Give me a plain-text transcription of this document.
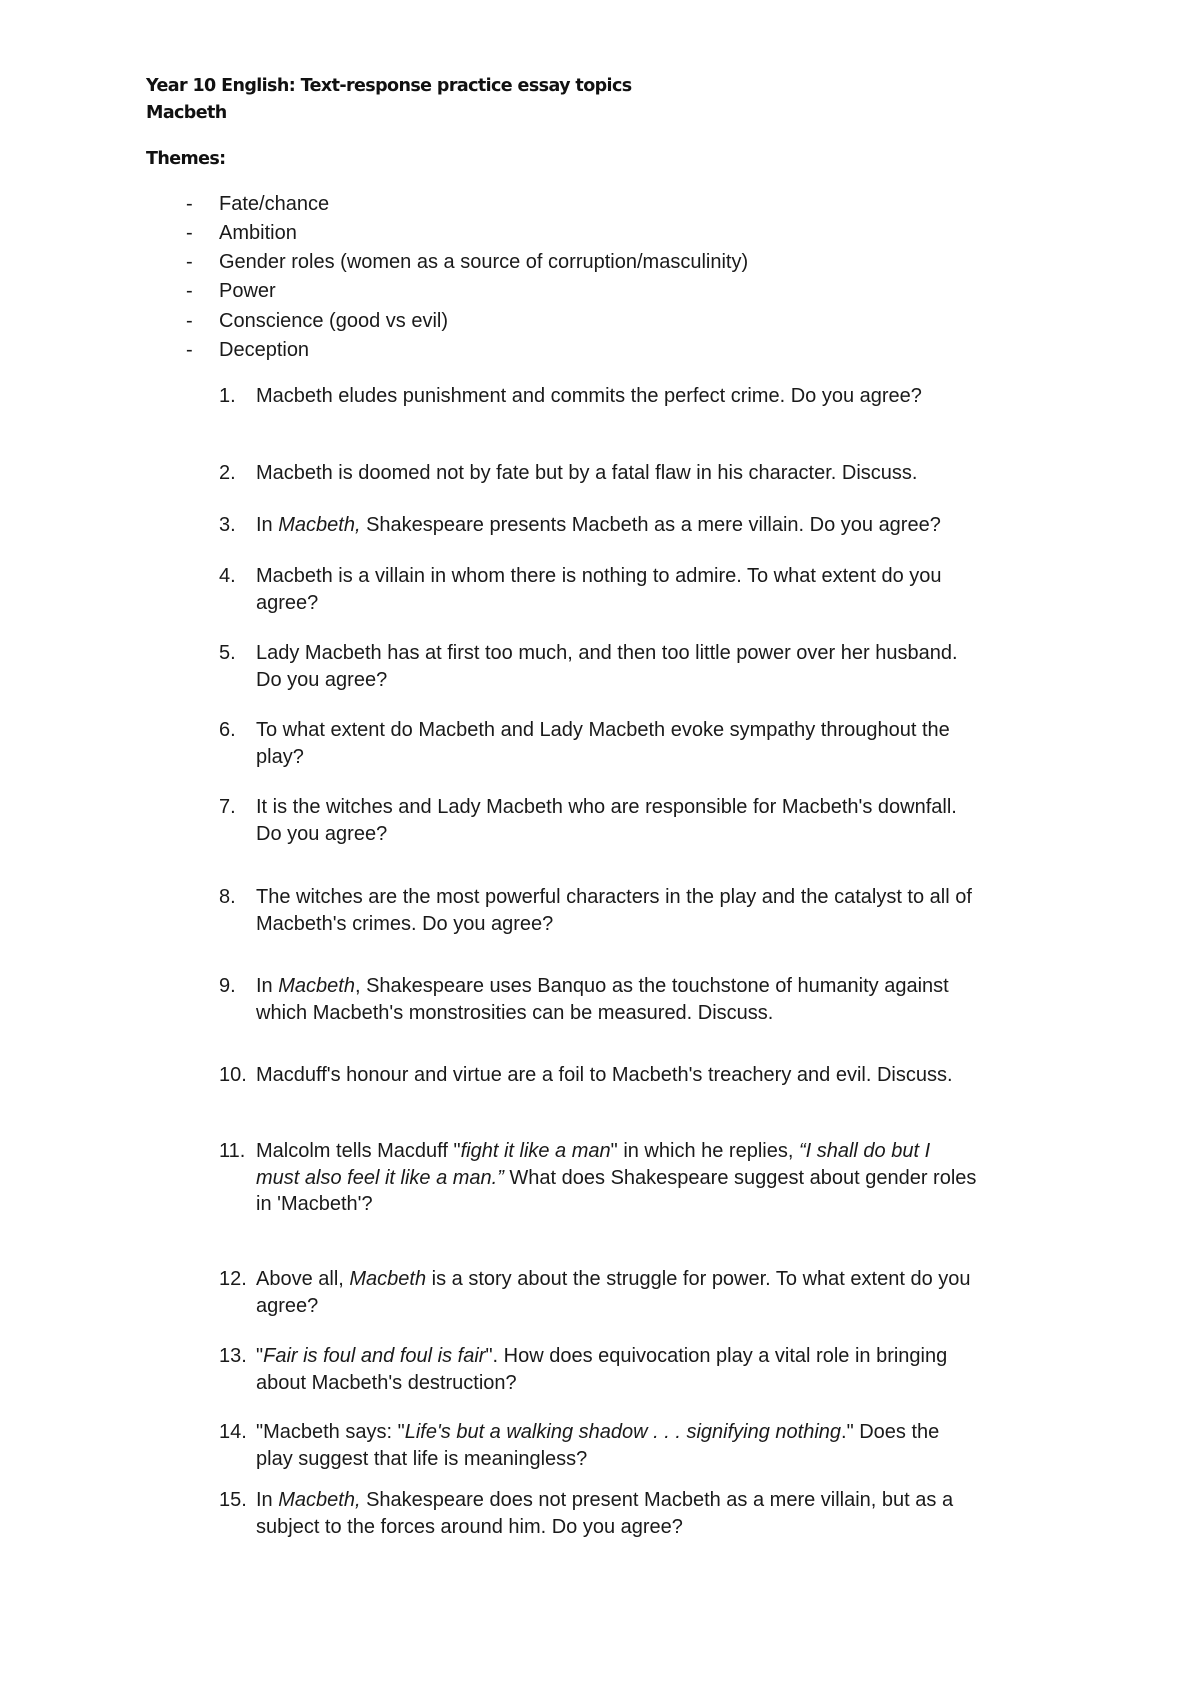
Year 10 English: Text-response practice essay topics
Macbeth
Themes:
- Fate/chance
- Ambition
- Gender roles (women as a source of corruption/masculinity)
- Power
- Conscience (good vs evil)
- Deception
1.	Macbeth eludes punishment and commits the perfect crime. Do you agree?
2.	Macbeth is doomed not by fate but by a fatal flaw in his character. Discuss.
3.	In Macbeth, Shakespeare presents Macbeth as a mere villain. Do you agree?
4.	Macbeth is a villain in whom there is nothing to admire. To what extent do you
agree?
5.	Lady Macbeth has at first too much, and then too little power over her husband.
Do you agree?
6.	To what extent do Macbeth and Lady Macbeth evoke sympathy throughout the
play?
7.	It is the witches and Lady Macbeth who are responsible for Macbeth's downfall.
Do you agree?
8.	The witches are the most powerful characters in the play and the catalyst to all of
Macbeth's crimes. Do you agree?
9.	In Macbeth, Shakespeare uses Banquo as the touchstone of humanity against
which Macbeth's monstrosities can be measured. Discuss.
10. Macduff's honour and virtue are a foil to Macbeth's treachery and evil. Discuss.
11. Malcolm tells Macduff "fight it like a man" in which he replies, “I shall do but I
must also feel it like a man.” What does Shakespeare suggest about gender roles
in 'Macbeth'?
12. Above all, Macbeth is a story about the struggle for power. To what extent do you
agree?
13. "Fair is foul and foul is fair". How does equivocation play a vital role in bringing
about Macbeth's destruction?
14. "Macbeth says: "Life's but a walking shadow . . . signifying nothing." Does the
play suggest that life is meaningless?
15. In Macbeth, Shakespeare does not present Macbeth as a mere villain, but as a
subject to the forces around him. Do you agree?
